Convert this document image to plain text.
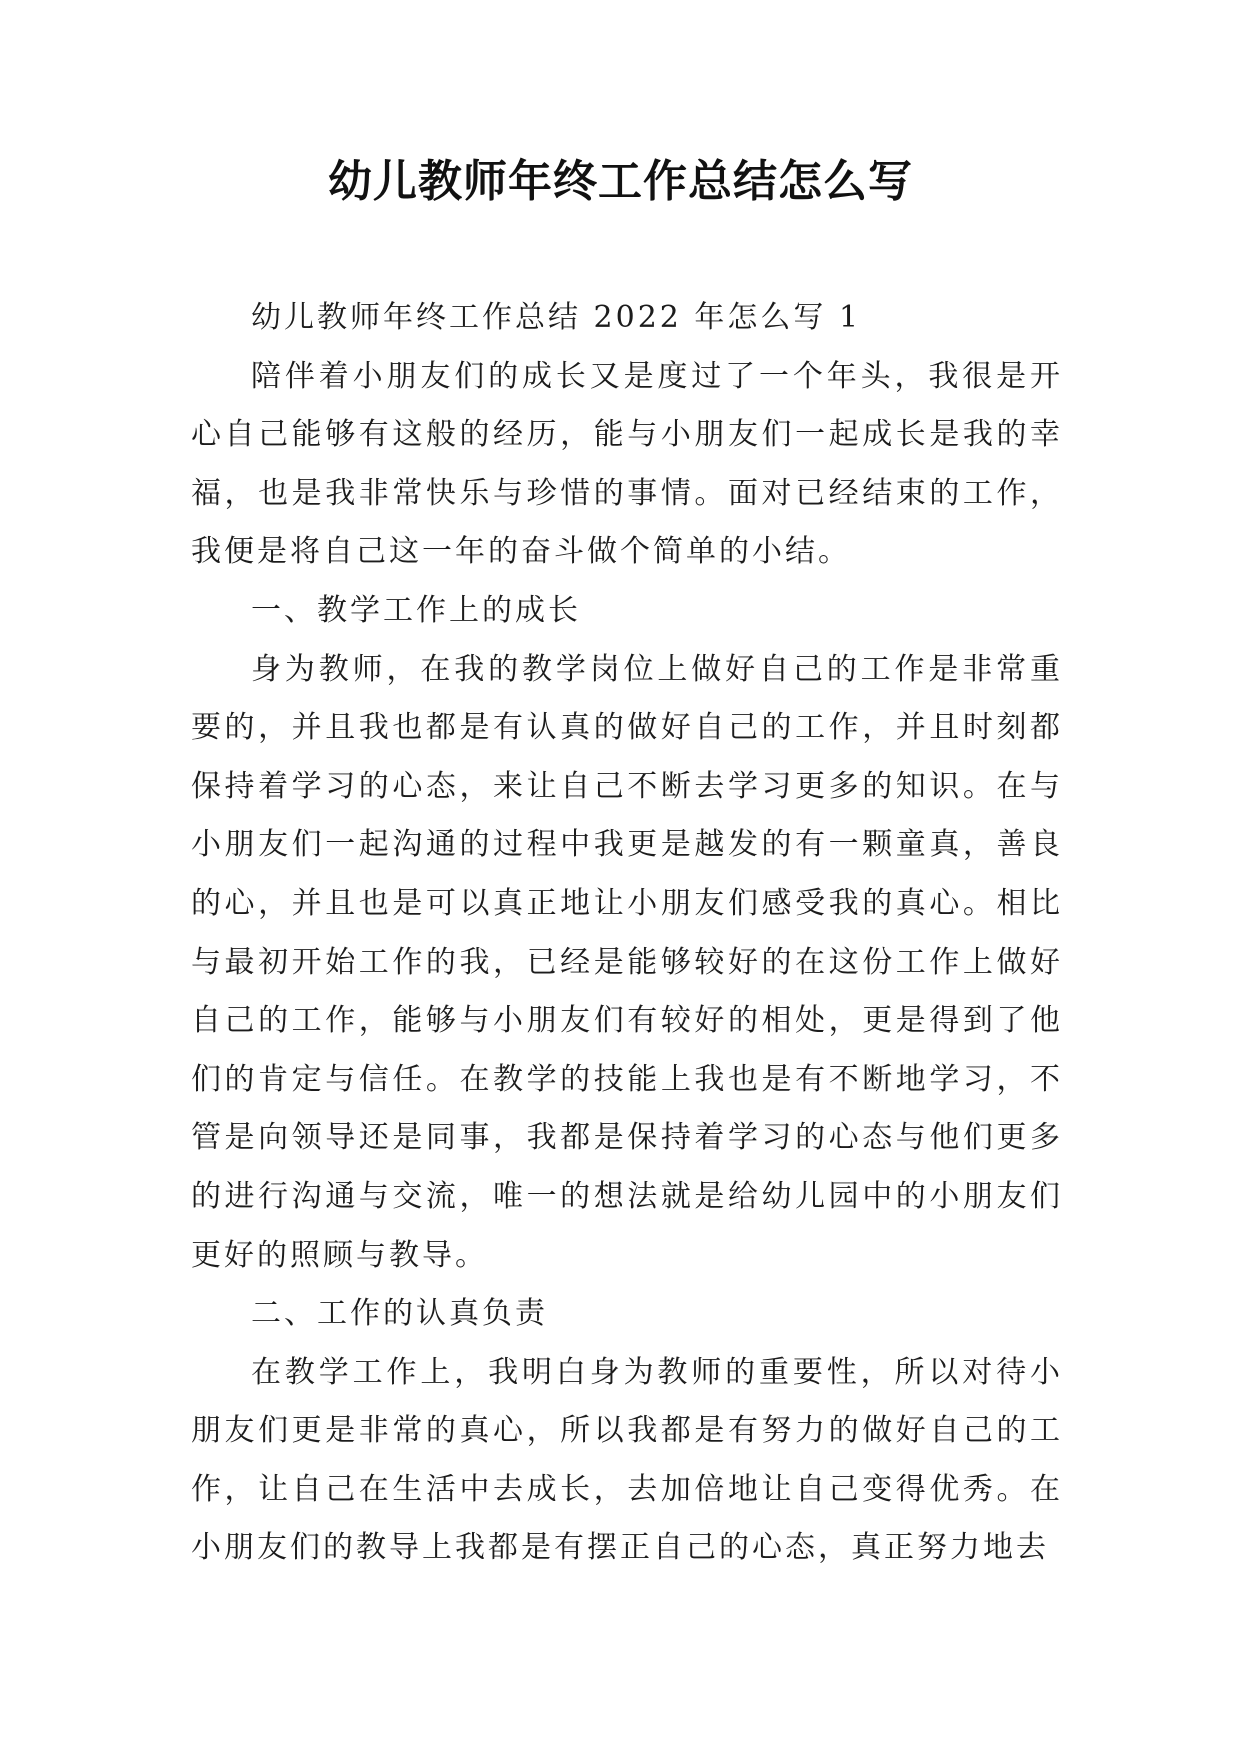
幼儿教师年终工作总结怎么写

幼儿教师年终工作总结 2022 年怎么写 1

陪伴着小朋友们的成长又是度过了一个年头，我很是开心自己能够有这般的经历，能与小朋友们一起成长是我的幸福，也是我非常快乐与珍惜的事情。面对已经结束的工作，我便是将自己这一年的奋斗做个简单的小结。

一、教学工作上的成长

身为教师，在我的教学岗位上做好自己的工作是非常重要的，并且我也都是有认真的做好自己的工作，并且时刻都保持着学习的心态，来让自己不断去学习更多的知识。在与小朋友们一起沟通的过程中我更是越发的有一颗童真，善良的心，并且也是可以真正地让小朋友们感受我的真心。相比与最初开始工作的我，已经是能够较好的在这份工作上做好自己的工作，能够与小朋友们有较好的相处，更是得到了他们的肯定与信任。在教学的技能上我也是有不断地学习，不管是向领导还是同事，我都是保持着学习的心态与他们更多的进行沟通与交流，唯一的想法就是给幼儿园中的小朋友们更好的照顾与教导。

二、工作的认真负责

在教学工作上，我明白身为教师的重要性，所以对待小朋友们更是非常的真心，所以我都是有努力的做好自己的工作，让自己在生活中去成长，去加倍地让自己变得优秀。在小朋友们的教导上我都是有摆正自己的心态，真正努力地去
